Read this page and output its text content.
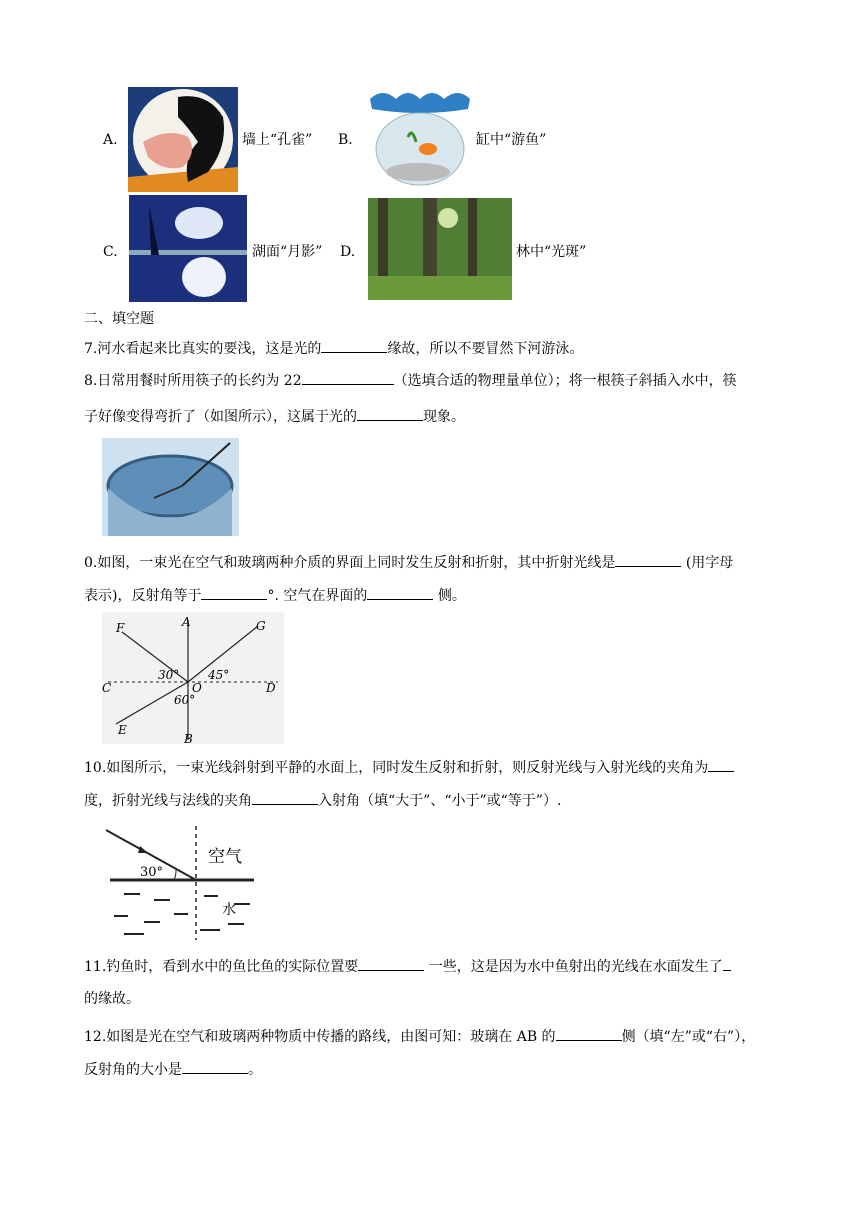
A.	墙上“孔雀” B.	缸中“游鱼”
C.	湖面“月影” D.	林中“光斑”
二、填空题
7.河水看起来比真实的要浅，这是光的	缘故，所以不要冒然下河游泳。
8.日常用餐时所用筷子的长约为 22	（选填合适的物理量单位）；将一根筷子斜插入水中，筷
子好像变得弯折了（如图所示），这属于光的	现象。
0.如图，一束光在空气和玻璃两种介质的界面上同时发生反射和折射，其中折射光线是	(用字母
表示)，反射角等于	°. 空气在界面的	侧。
F	A	G
C	D
E
B
O
30° 45°
60°
10.如图所示，一束光线斜射到平静的水面上，同时发生反射和折射，则反射光线与入射光线的夹角为
度，折射光线与法线的夹角	入射角（填“大于”、“小于”或“等于”）.
30°
空气
水
11.钓鱼时，看到水中的鱼比鱼的实际位置要	一些，这是因为水中鱼射出的光线在水面发生了
的缘故。
12.如图是光在空气和玻璃两种物质中传播的路线，由图可知：玻璃在 AB 的	侧（填“左”或“右”），
反射角的大小是	。
